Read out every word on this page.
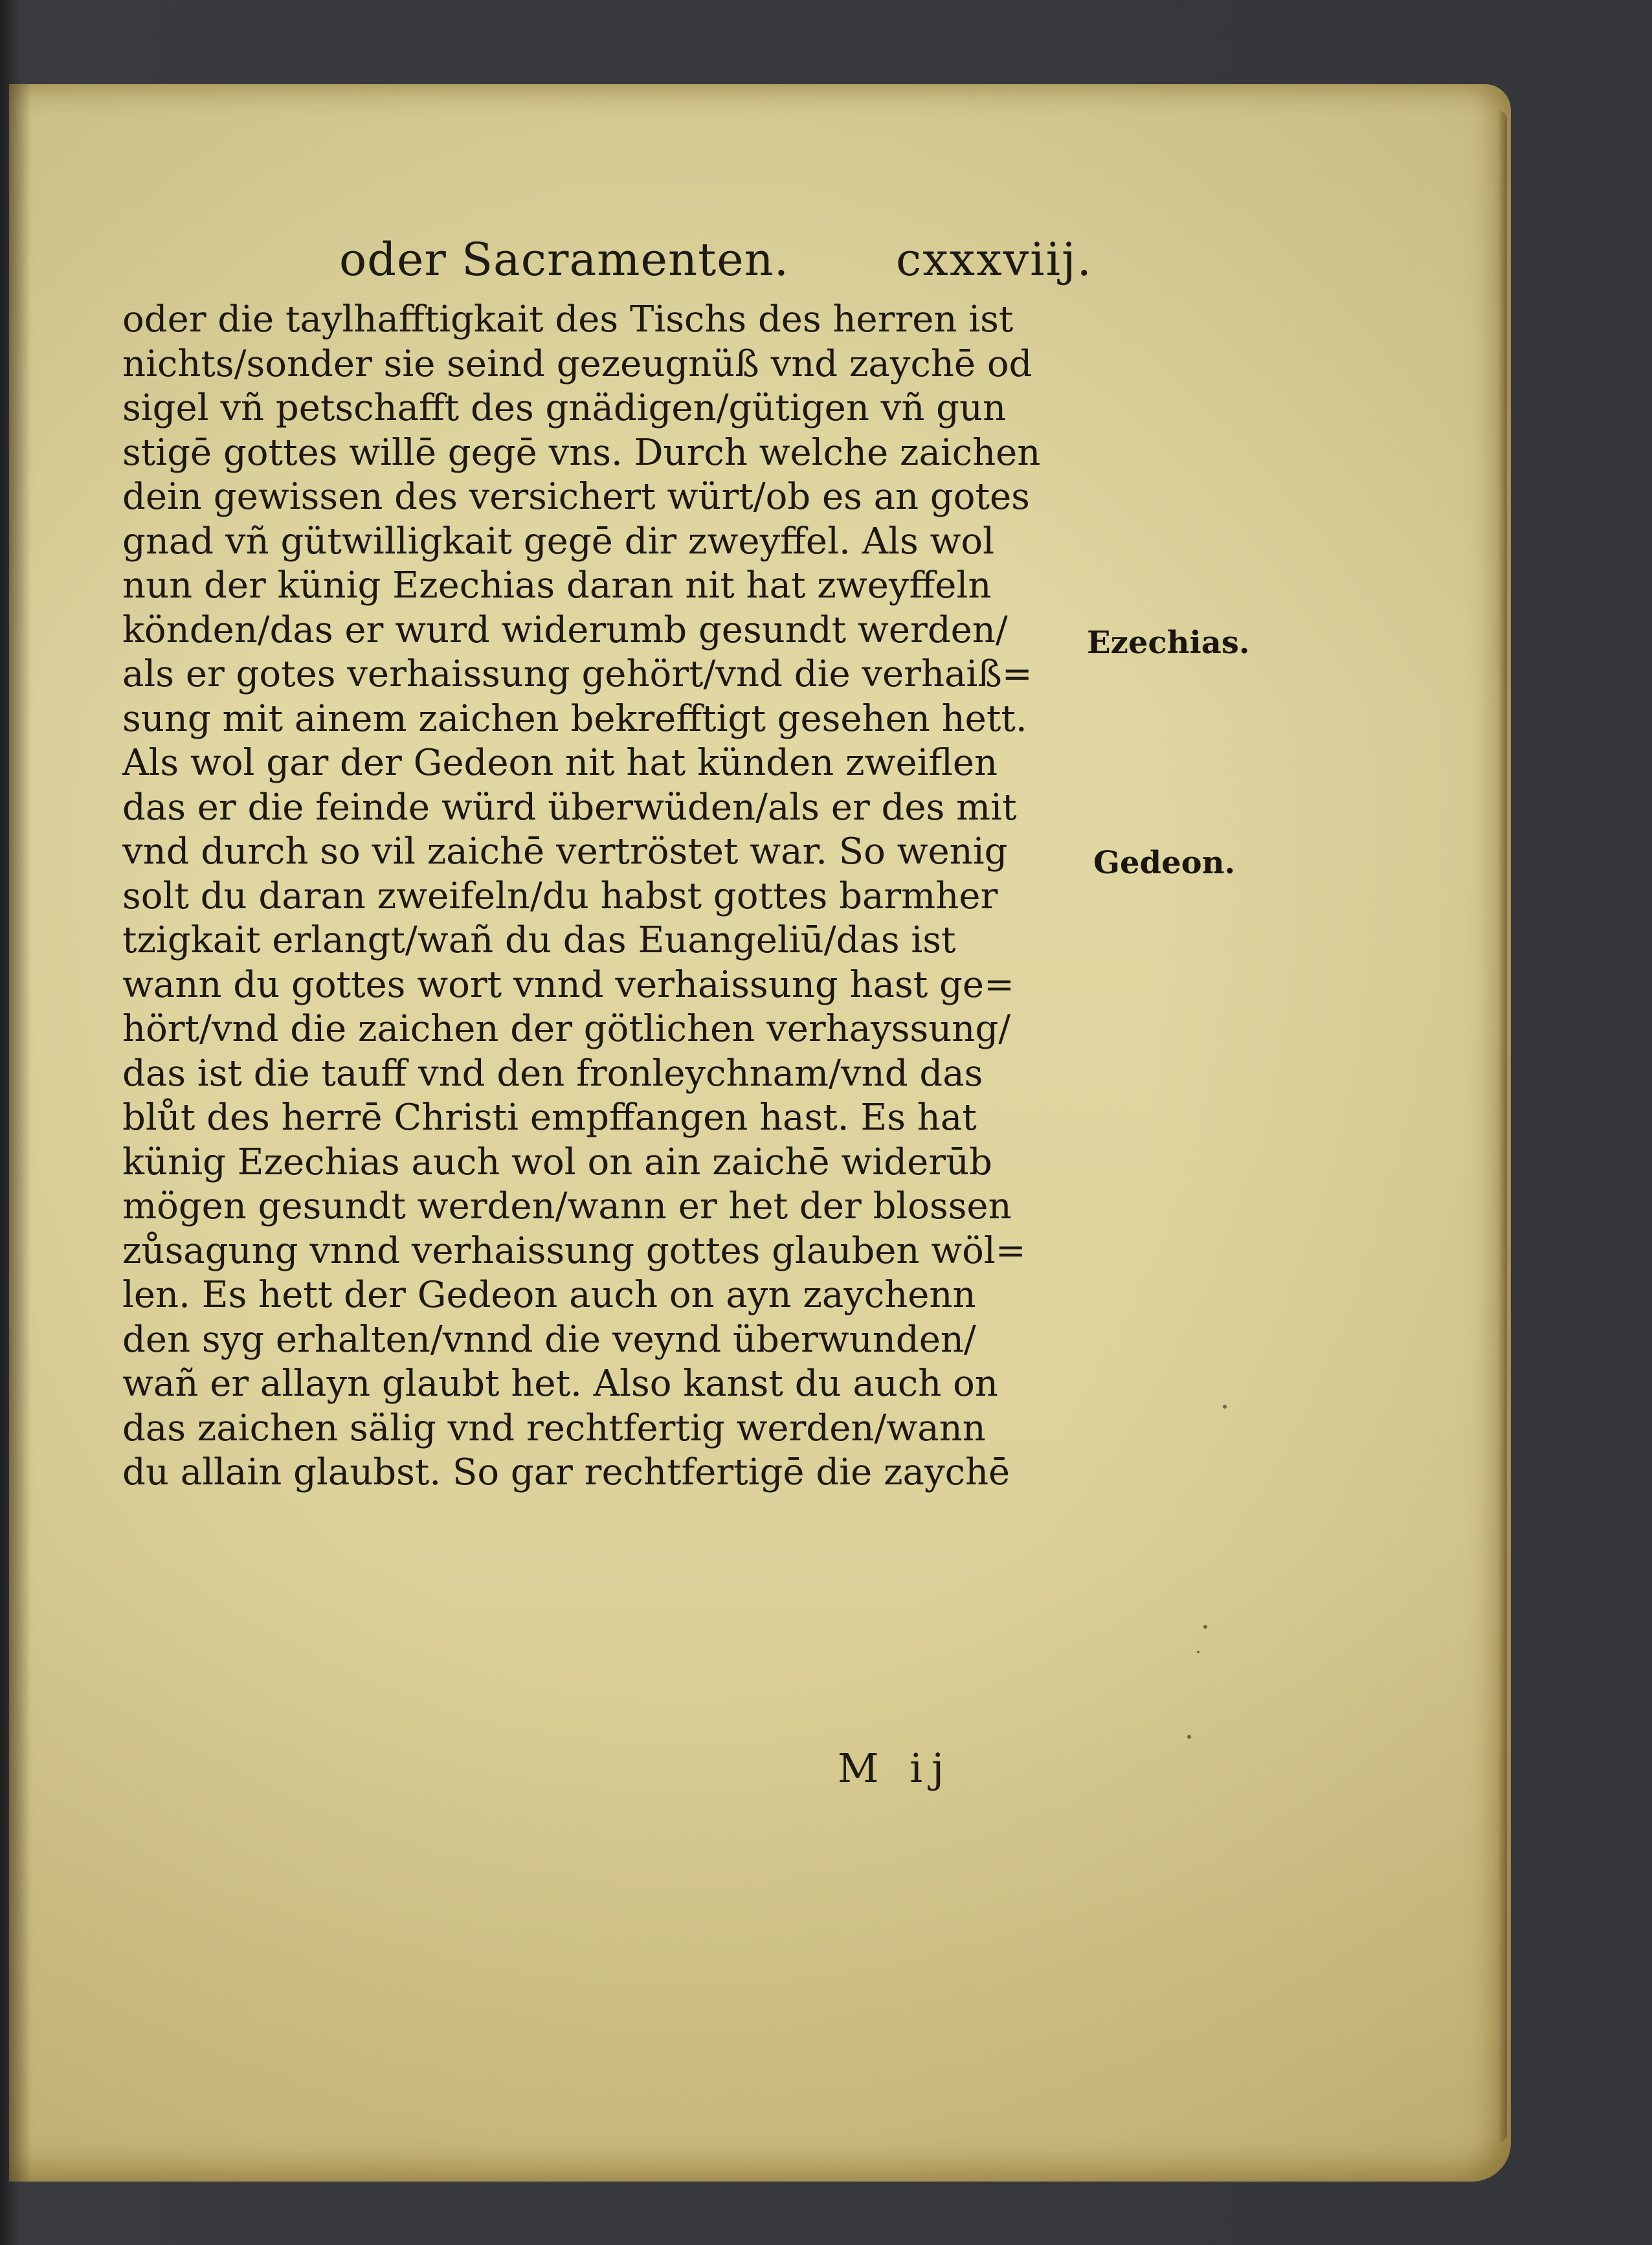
oder Sacramenten. cxxxviij.
oder die taylhafftigkait des Tischs des herren ist
nichts/sonder sie seind gezeugnüß vnd zaychē od
sigel vñ petschafft des gnädigen/gütigen vñ gun
stigē gottes willē gegē vns. Durch welche zaichen
dein gewissen des versichert würt/ob es an gotes
gnad vñ gütwilligkait gegē dir zweyffel. Als wol
nun der künig Ezechias daran nit hat zweyffeln
könden/das er wurd widerumb gesundt werden/
als er gotes verhaissung gehört/vnd die verhaiß=
sung mit ainem zaichen bekrefftigt gesehen hett.
Als wol gar der Gedeon nit hat künden zweiflen
das er die feinde würd überwüden/als er des mit
vnd durch so vil zaichē vertröstet war. So wenig
solt du daran zweifeln/du habst gottes barmher
tzigkait erlangt/wañ du das Euangeliū/das ist
wann du gottes wort vnnd verhaissung hast ge=
hört/vnd die zaichen der götlichen verhayssung/
das ist die tauff vnd den fronleychnam/vnd das
blůt des herrē Christi empffangen hast. Es hat
künig Ezechias auch wol on ain zaichē widerūb
mögen gesundt werden/wann er het der blossen
zůsagung vnnd verhaissung gottes glauben wöl=
len. Es hett der Gedeon auch on ayn zaychenn
den syg erhalten/vnnd die veynd überwunden/
wañ er allayn glaubt het. Also kanst du auch on
das zaichen sälig vnd rechtfertig werden/wann
du allain glaubst. So gar rechtfertigē die zaychē
Ezechias.
Gedeon.
M ij
